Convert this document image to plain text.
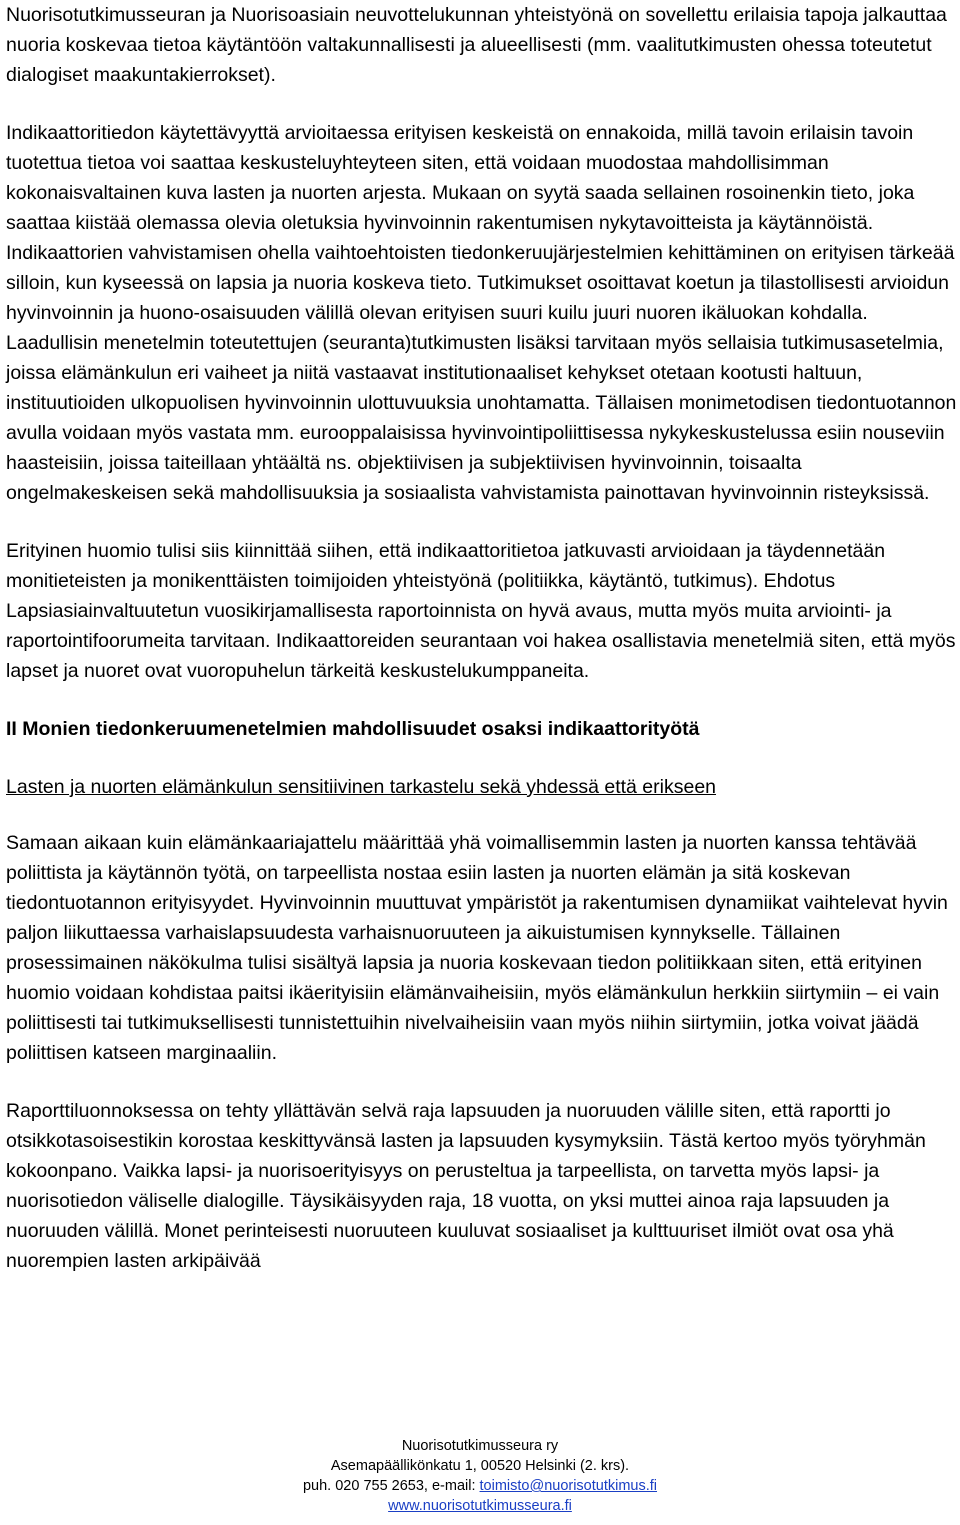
Nuorisotutkimusseuran ja Nuorisoasiain neuvottelukunnan yhteistyönä on sovellettu erilaisia tapoja jalkauttaa nuoria koskevaa tietoa käytäntöön valtakunnallisesti ja alueellisesti (mm. vaalitutkimusten ohessa toteutetut dialogiset maakuntakierrokset).

Indikaattoritiedon käytettävyyttä arvioitaessa erityisen keskeistä on ennakoida, millä tavoin erilaisin tavoin tuotettua tietoa voi saattaa keskusteluyhteyteen siten, että voidaan muodostaa mahdollisimman kokonaisvaltainen kuva lasten ja nuorten arjesta. Mukaan on syytä saada sellainen rosoinenkin tieto, joka saattaa kiistää olemassa olevia oletuksia hyvinvoinnin rakentumisen nykytavoitteista ja käytännöistä. Indikaattorien vahvistamisen ohella vaihtoehtoisten tiedonkeruujärjestelmien kehittäminen on erityisen tärkeää silloin, kun kyseessä on lapsia ja nuoria koskeva tieto. Tutkimukset osoittavat koetun ja tilastollisesti arvioidun hyvinvoinnin ja huono-osaisuuden välillä olevan erityisen suuri kuilu juuri nuoren ikäluokan kohdalla. Laadullisin menetelmin toteutettujen (seuranta)tutkimusten lisäksi tarvitaan myös sellaisia tutkimusasetelmia, joissa elämänkulun eri vaiheet ja niitä vastaavat institutionaaliset kehykset otetaan kootusti haltuun, instituutioiden ulkopuolisen hyvinvoinnin ulottuvuuksia unohtamatta. Tällaisen monimetodisen tiedontuotannon avulla voidaan myös vastata mm. eurooppalaisissa hyvinvointipoliittisessa nykykeskustelussa esiin nouseviin haasteisiin, joissa taiteillaan yhtäältä ns. objektiivisen ja subjektiivisen hyvinvoinnin, toisaalta ongelmakeskeisen sekä mahdollisuuksia ja sosiaalista vahvistamista painottavan hyvinvoinnin risteyksissä.

Erityinen huomio tulisi siis kiinnittää siihen, että indikaattoritietoa jatkuvasti arvioidaan ja täydennetään monitieteisten ja monikenttäisten toimijoiden yhteistyönä (politiikka, käytäntö, tutkimus). Ehdotus Lapsiasiainvaltuutetun vuosikirjamallisesta raportoinnista on hyvä avaus, mutta myös muita arviointi- ja raportointifoorumeita tarvitaan. Indikaattoreiden seurantaan voi hakea osallistavia menetelmiä siten, että myös lapset ja nuoret ovat vuoropuhelun tärkeitä keskustelukumppaneita.

II Monien tiedonkeruumenetelmien mahdollisuudet osaksi indikaattorityötä

Lasten ja nuorten elämänkulun sensitiivinen tarkastelu sekä yhdessä että erikseen

Samaan aikaan kuin elämänkaariajattelu määrittää yhä voimallisemmin lasten ja nuorten kanssa tehtävää poliittista ja käytännön työtä, on tarpeellista nostaa esiin lasten ja nuorten elämän ja sitä koskevan tiedontuotannon erityisyydet. Hyvinvoinnin muuttuvat ympäristöt ja rakentumisen dynamiikat vaihtelevat hyvin paljon liikuttaessa varhaislapsuudesta varhaisnuoruuteen ja aikuistumisen kynnykselle. Tällainen prosessimainen näkökulma tulisi sisältyä lapsia ja nuoria koskevaan tiedon politiikkaan siten, että erityinen huomio voidaan kohdistaa paitsi ikäerityisiin elämänvaiheisiin, myös elämänkulun herkkiin siirtymiin – ei vain poliittisesti tai tutkimuksellisesti tunnistettuihin nivelvaiheisiin vaan myös niihin siirtymiin, jotka voivat jäädä poliittisen katseen marginaaliin.

Raporttiluonnoksessa on tehty yllättävän selvä raja lapsuuden ja nuoruuden välille siten, että raportti jo otsikkotasoisestikin korostaa keskittyvänsä lasten ja lapsuuden kysymyksiin. Tästä kertoo myös työryhmän kokoonpano. Vaikka lapsi- ja nuorisoerityisyys on perusteltua ja tarpeellista, on tarvetta myös lapsi- ja nuorisotiedon väliselle dialogille. Täysikäisyyden raja, 18 vuotta, on yksi muttei ainoa raja lapsuuden ja nuoruuden välillä. Monet perinteisesti nuoruuteen kuuluvat sosiaaliset ja kulttuuriset ilmiöt ovat osa yhä nuorempien lasten arkipäivää

Nuorisotutkimusseura ry
Asemapäällikönkatu 1, 00520 Helsinki (2. krs).
puh. 020 755 2653, e-mail: toimisto@nuorisotutkimus.fi
www.nuorisotutkimusseura.fi
